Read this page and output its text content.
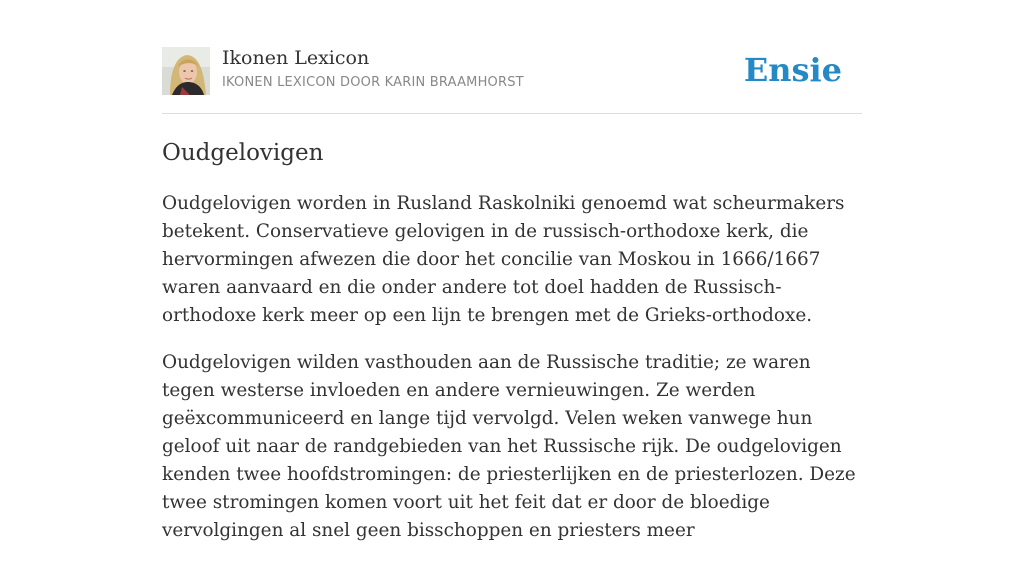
Ikonen Lexicon
IKONEN LEXICON DOOR KARIN BRAAMHORST	Ensie
Oudgelovigen

Oudgelovigen worden in Rusland Raskolniki genoemd wat scheurmakers betekent. Conservatieve gelovigen in de russisch-orthodoxe kerk, die hervormingen afwezen die door het concilie van Moskou in 1666/1667 waren aanvaard en die onder andere tot doel hadden de Russisch-orthodoxe kerk meer op een lijn te brengen met de Grieks-orthodoxe.

Oudgelovigen wilden vasthouden aan de Russische traditie; ze waren tegen westerse invloeden en andere vernieuwingen. Ze werden geëxcommuniceerd en lange tijd vervolgd. Velen weken vanwege hun geloof uit naar de randgebieden van het Russische rijk. De oudgelovigen kenden twee hoofdstromingen: de priesterlijken en de priesterlozen. Deze twee stromingen komen voort uit het feit dat er door de bloedige vervolgingen al snel geen bisschoppen en priesters meer
